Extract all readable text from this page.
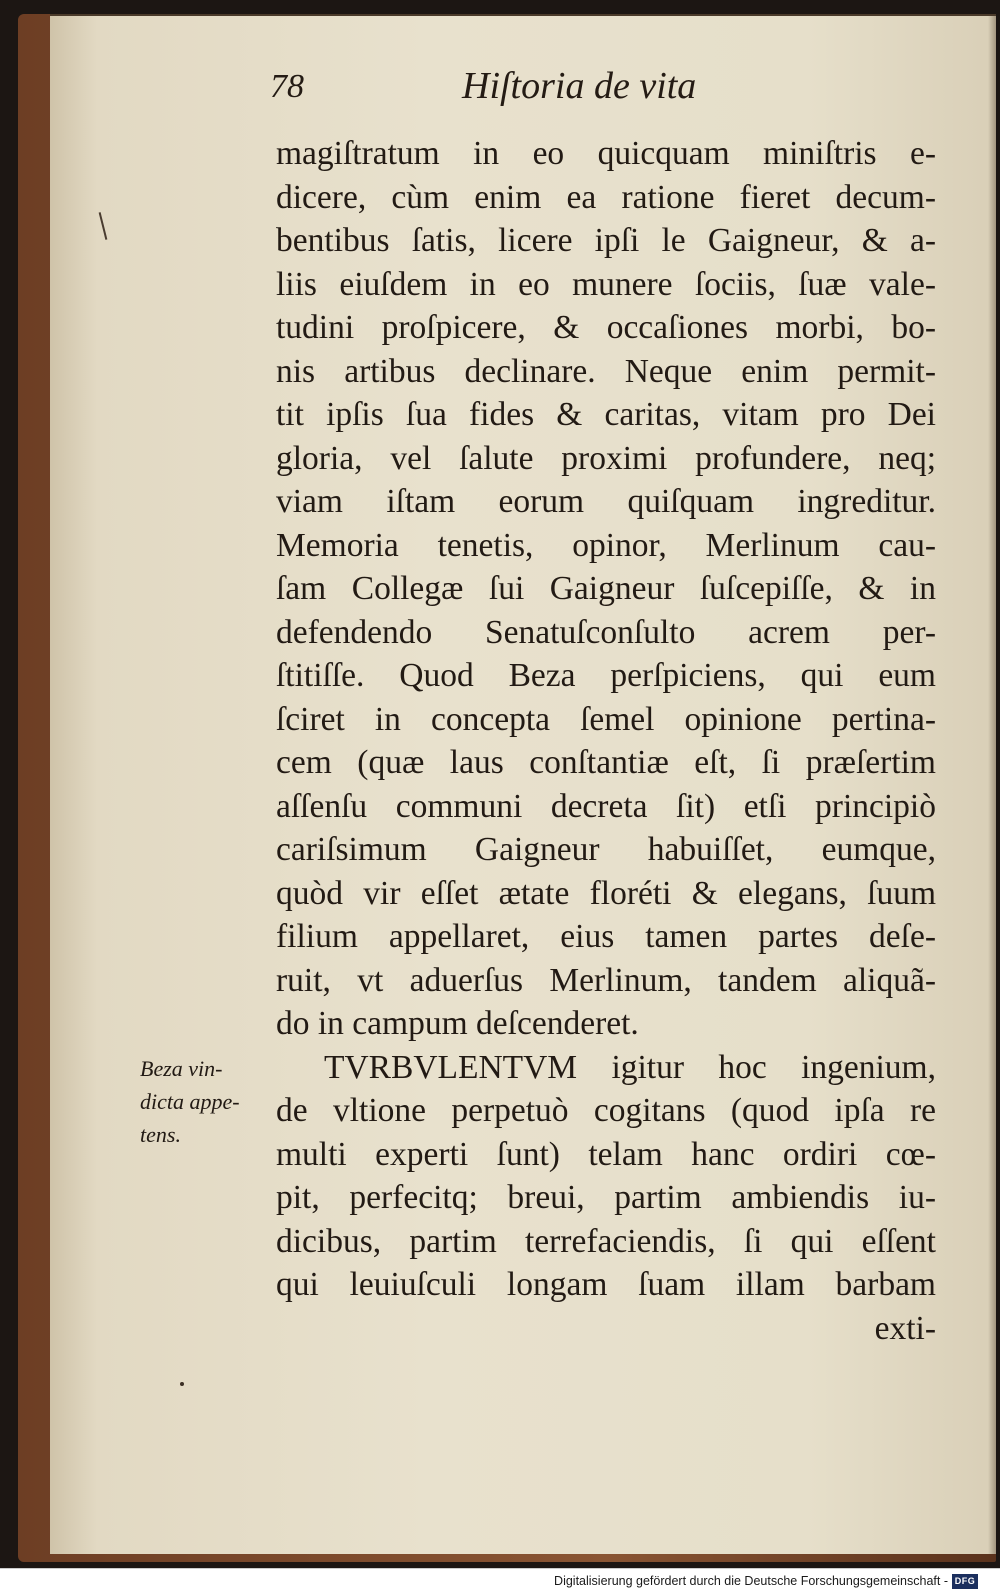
78	Hiſtoria de vita
magiſtratum in eo quicquam miniſtris e-
dicere, cùm enim ea ratione fieret decum-
bentibus ſatis, licere ipſi le Gaigneur, & a-
liis eiuſdem in eo munere ſociis, ſuæ vale-
tudini proſpicere, & occaſiones morbi, bo-
nis artibus declinare. Neque enim permit-
tit ipſis ſua fides & caritas, vitam pro Dei
gloria, vel ſalute proximi profundere, neq;
viam iſtam eorum quiſquam ingreditur.
Memoria tenetis, opinor, Merlinum cau-
ſam Collegæ ſui Gaigneur ſuſcepiſſe, & in
defendendo Senatuſconſulto acrem per-
ſtitiſſe. Quod Beza perſpiciens, qui eum
ſciret in concepta ſemel opinione pertina-
cem (quæ laus conſtantiæ eſt, ſi præſertim
aſſenſu communi decreta ſit) etſi principiò
cariſsimum Gaigneur habuiſſet, eumque,
quòd vir eſſet ætate floréti & elegans, ſuum
filium appellaret, eius tamen partes deſe-
ruit, vt aduerſus Merlinum, tandem aliquã-
do in campum deſcenderet.
TVRBVLENTVM igitur hoc ingenium,
de vltione perpetuò cogitans (quod ipſa re
multi experti ſunt) telam hanc ordiri cœ-
pit, perfecitq; breui, partim ambiendis iu-
dicibus, partim terrefaciendis, ſi qui eſſent
qui leuiuſculi longam ſuam illam barbam
exti-
Beza vin-
dicta appe-
tens.
Digitalisierung gefördert durch die Deutsche Forschungsgemeinschaft - DFG
